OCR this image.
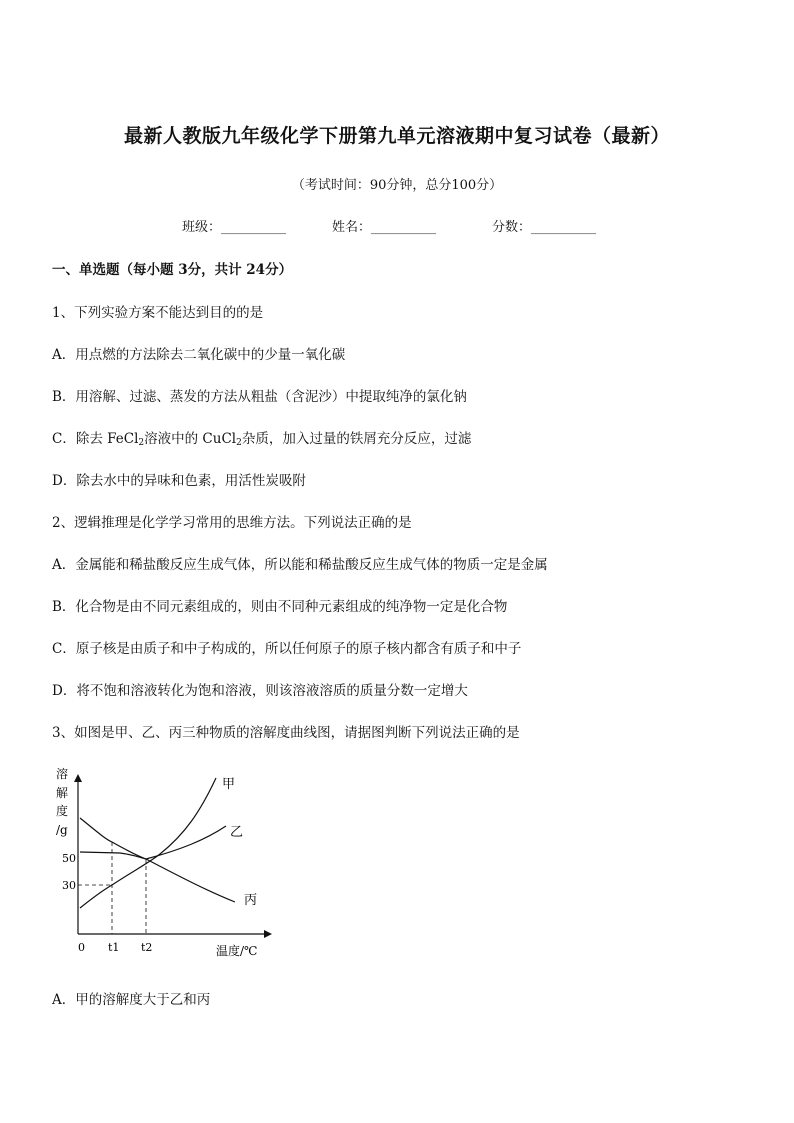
最新人教版九年级化学下册第九单元溶液期中复习试卷（最新）
（考试时间：90分钟，总分100分）
班级：__________	姓名：__________	分数：__________
一、单选题（每小题 3分，共计 24分）
1、下列实验方案不能达到目的的是
A．用点燃的方法除去二氧化碳中的少量一氧化碳
B．用溶解、过滤、蒸发的方法从粗盐（含泥沙）中提取纯净的氯化钠
C．除去 FeCl$_2$溶液中的 CuCl$_2$杂质，加入过量的铁屑充分反应，过滤
D．除去水中的异味和色素，用活性炭吸附
2、逻辑推理是化学学习常用的思维方法。下列说法正确的是
A．金属能和稀盐酸反应生成气体，所以能和稀盐酸反应生成气体的物质一定是金属
B．化合物是由不同元素组成的，则由不同种元素组成的纯净物一定是化合物
C．原子核是由质子和中子构成的，所以任何原子的原子核内都含有质子和中子
D．将不饱和溶液转化为饱和溶液，则该溶液溶质的质量分数一定增大
3、如图是甲、乙、丙三种物质的溶解度曲线图，请据图判断下列说法正确的是
溶
解
度
/g
50
30
甲
乙
丙
0 t1 t2	温度/℃
A．甲的溶解度大于乙和丙
